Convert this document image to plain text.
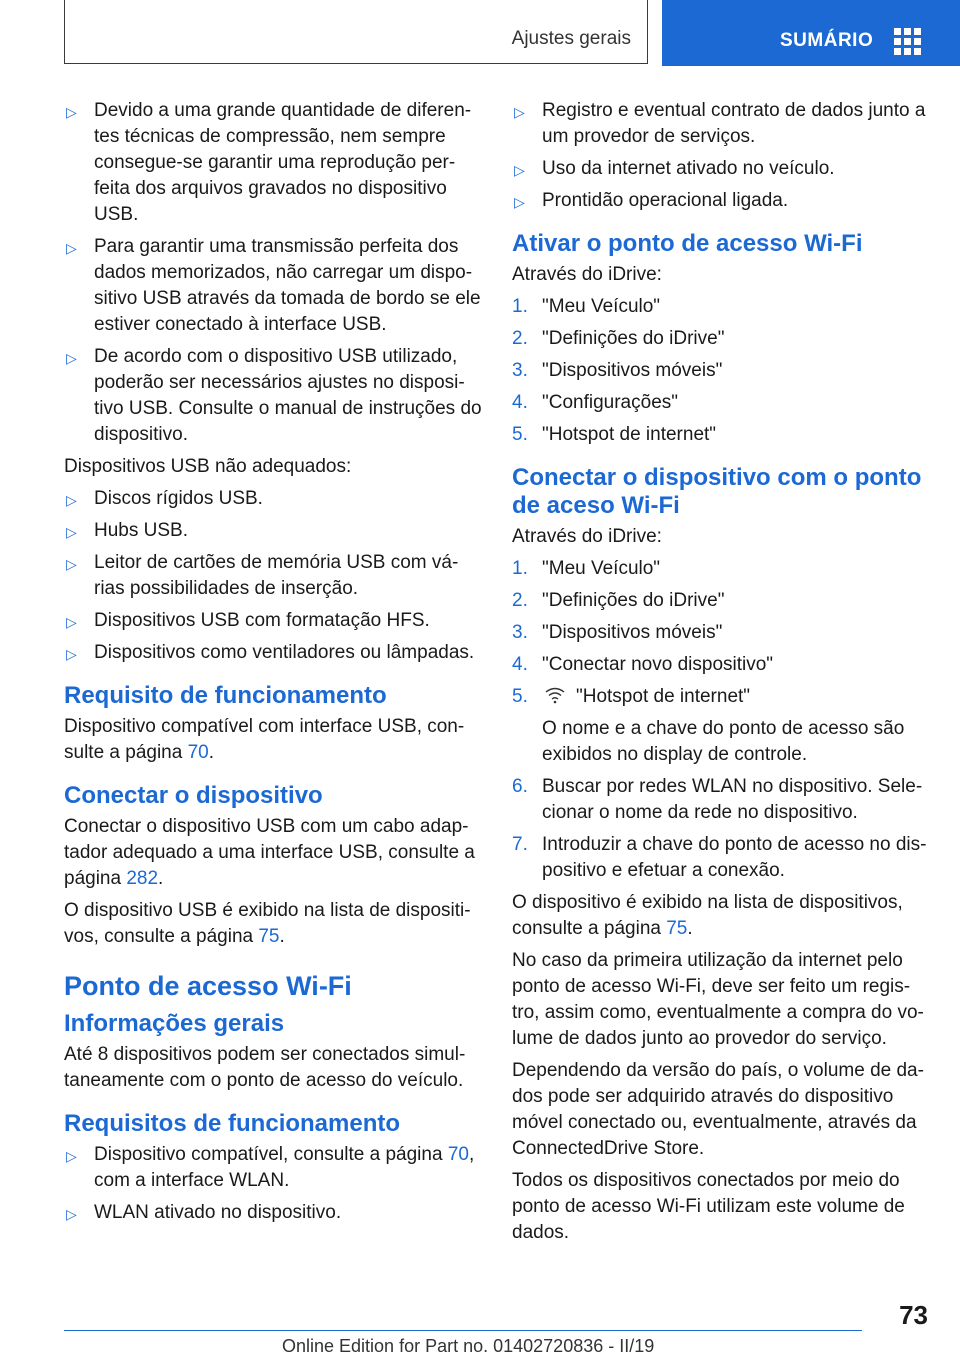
Ajustes gerais	SUMÁRIO
▷ Devido a uma grande quantidade de diferen‐ tes técnicas de compressão, nem sempre consegue-se garantir uma reprodução per‐ feita dos arquivos gravados no dispositivo USB.
▷ Para garantir uma transmissão perfeita dos dados memorizados, não carregar um dispo‐ sitivo USB através da tomada de bordo se ele estiver conectado à interface USB.
▷ De acordo com o dispositivo USB utilizado, poderão ser necessários ajustes no disposi‐ tivo USB. Consulte o manual de instruções do dispositivo.

Dispositivos USB não adequados:

▷ Discos rígidos USB.
▷ Hubs USB.
▷ Leitor de cartões de memória USB com vá‐ rias possibilidades de inserção.
▷ Dispositivos USB com formatação HFS.
▷ Dispositivos como ventiladores ou lâmpadas.
Requisito de funcionamento

Dispositivo compatível com interface USB, con‐ sulte a página 70.

Conectar o dispositivo

Conectar o dispositivo USB com um cabo adap‐ tador adequado a uma interface USB, consulte a página 282.

O dispositivo USB é exibido na lista de dispositi‐ vos, consulte a página 75.

Ponto de acesso Wi-Fi
Informações gerais

Até 8 dispositivos podem ser conectados simul‐ taneamente com o ponto de acesso do veículo.

Requisitos de funcionamento
▷ Dispositivo compatível, consulte a página 70, com a interface WLAN.
▷ WLAN ativado no dispositivo.
▷ Registro e eventual contrato de dados junto a um provedor de serviços.
▷ Uso da internet ativado no veículo.
▷ Prontidão operacional ligada.
Ativar o ponto de acesso Wi-Fi

Através do iDrive:

1. "Meu Veículo"
2. "Definições do iDrive"
3. "Dispositivos móveis"
4. "Configurações"
5. "Hotspot de internet"
Conectar o dispositivo com o ponto de aceso Wi-Fi

Através do iDrive:

1. "Meu Veículo"
2. "Definições do iDrive"
3. "Dispositivos móveis"
4. "Conectar novo dispositivo"
5.	"Hotspot de internet"
O nome e a chave do ponto de acesso são exibidos no display de controle.
6. Buscar por redes WLAN no dispositivo. Sele‐ cionar o nome da rede no dispositivo.
7. Introduzir a chave do ponto de acesso no dis‐ positivo e efetuar a conexão.

O dispositivo é exibido na lista de dispositivos, consulte a página 75.

No caso da primeira utilização da internet pelo ponto de acesso Wi-Fi, deve ser feito um regis‐ tro, assim como, eventualmente a compra do vo‐ lume de dados junto ao provedor do serviço.

Dependendo da versão do país, o volume de da‐ dos pode ser adquirido através do dispositivo móvel conectado ou, eventualmente, através da ConnectedDrive Store.

Todos os dispositivos conectados por meio do ponto de acesso Wi-Fi utilizam este volume de dados.

73
Online Edition for Part no. 01402720836 - II/19
